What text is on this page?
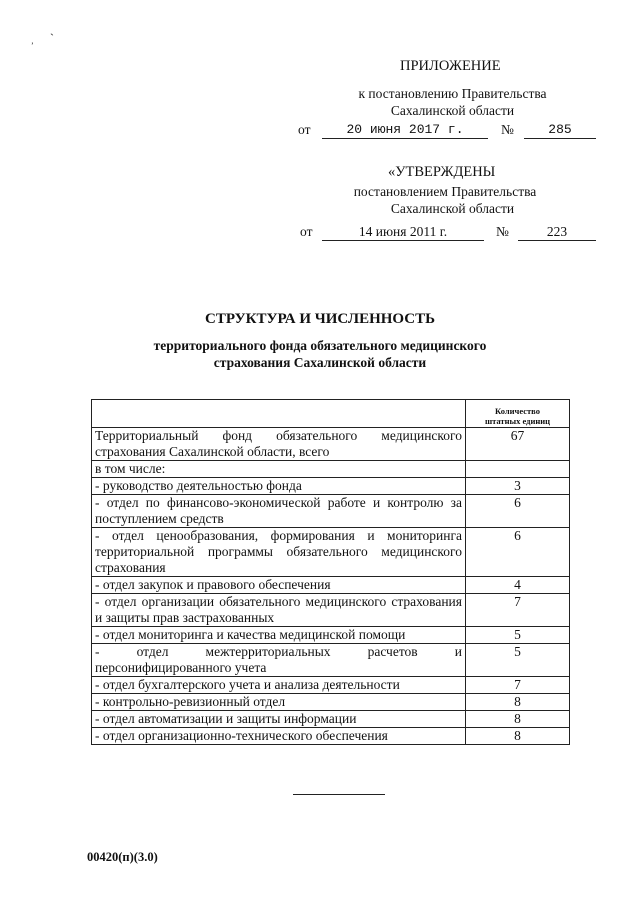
`
ʼ
ПРИЛОЖЕНИЕ
к постановлению Правительства
Сахалинской области
от	20 июня 2017 г.	№	285
«УТВЕРЖДЕНЫ
постановлением Правительства
Сахалинской области
от	14 июня 2011 г.	№	223
СТРУКТУРА И ЧИСЛЕННОСТЬ
территориального фонда обязательного медицинского
страхования Сахалинской области

	Количество
штатных единиц

Территориальный фонд обязательного медицинского страхования Сахалинской области, всего	67
в том числе:	
- руководство деятельностью фонда	3
- отдел по финансово-экономической работе и контролю за поступлением средств	6
- отдел ценообразования, формирования и мониторинга территориальной программы обязательного медицинского страхования	6
- отдел закупок и правового обеспечения	4
- отдел организации обязательного медицинского страхования и защиты прав застрахованных	7
- отдел мониторинга и качества медицинской помощи	5
- отдел межтерриториальных расчетов и персонифицированного учета	5
- отдел бухгалтерского учета и анализа деятельности	7
- контрольно-ревизионный отдел	8
- отдел автоматизации и защиты информации	8
- отдел организационно-технического обеспечения	8
00420(п)(3.0)
